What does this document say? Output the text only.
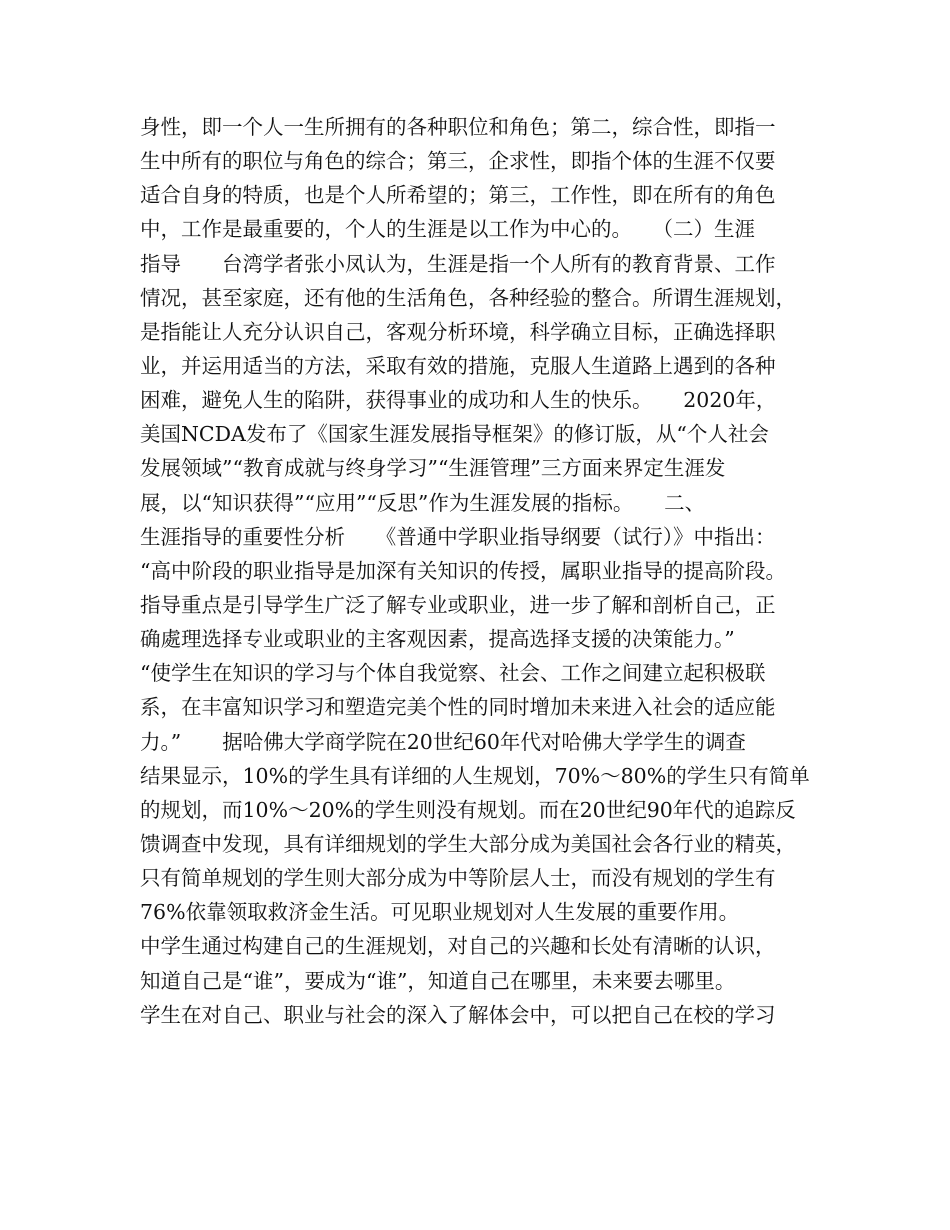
身性，即一个人一生所拥有的各种职位和角色；第二，综合性，即指一
生中所有的职位与角色的综合；第三，企求性，即指个体的生涯不仅要
适合自身的特质，也是个人所希望的；第三，工作性，即在所有的角色
中，工作是最重要的，个人的生涯是以工作为中心的。　　（二）生涯
指导　　台湾学者张小凤认为，生涯是指一个人所有的教育背景、工作
情况，甚至家庭，还有他的生活角色，各种经验的整合。所谓生涯规划，
是指能让人充分认识自己，客观分析环境，科学确立目标，正确选择职
业，并运用适当的方法，采取有效的措施，克服人生道路上遇到的各种
困难，避免人生的陷阱，获得事业的成功和人生的快乐。　　2020年，
美国NCDA发布了《国家生涯发展指导框架》的修订版，从“个人社会
发展领域”“教育成就与终身学习”“生涯管理”三方面来界定生涯发
展，以“知识获得”“应用”“反思”作为生涯发展的指标。　　二、
生涯指导的重要性分析　　《普通中学职业指导纲要（试行）》中指出：
“高中阶段的职业指导是加深有关知识的传授，属职业指导的提高阶段。
指导重点是引导学生广泛了解专业或职业，进一步了解和剖析自己，正
确處理选择专业或职业的主客观因素，提高选择支援的决策能力。”
“使学生在知识的学习与个体自我觉察、社会、工作之间建立起积极联
系，在丰富知识学习和塑造完美个性的同时增加未来进入社会的适应能
力。”　　据哈佛大学商学院在20世纪60年代对哈佛大学学生的调查
结果显示，10%的学生具有详细的人生规划，70%～80%的学生只有简单
的规划，而10%～20%的学生则没有规划。而在20世纪90年代的追踪反
馈调查中发现，具有详细规划的学生大部分成为美国社会各行业的精英，
只有简单规划的学生则大部分成为中等阶层人士，而没有规划的学生有
76%依靠领取救济金生活。可见职业规划对人生发展的重要作用。
中学生通过构建自己的生涯规划，对自己的兴趣和长处有清晰的认识，
知道自己是“谁”，要成为“谁”，知道自己在哪里，未来要去哪里。
学生在对自己、职业与社会的深入了解体会中，可以把自己在校的学习
